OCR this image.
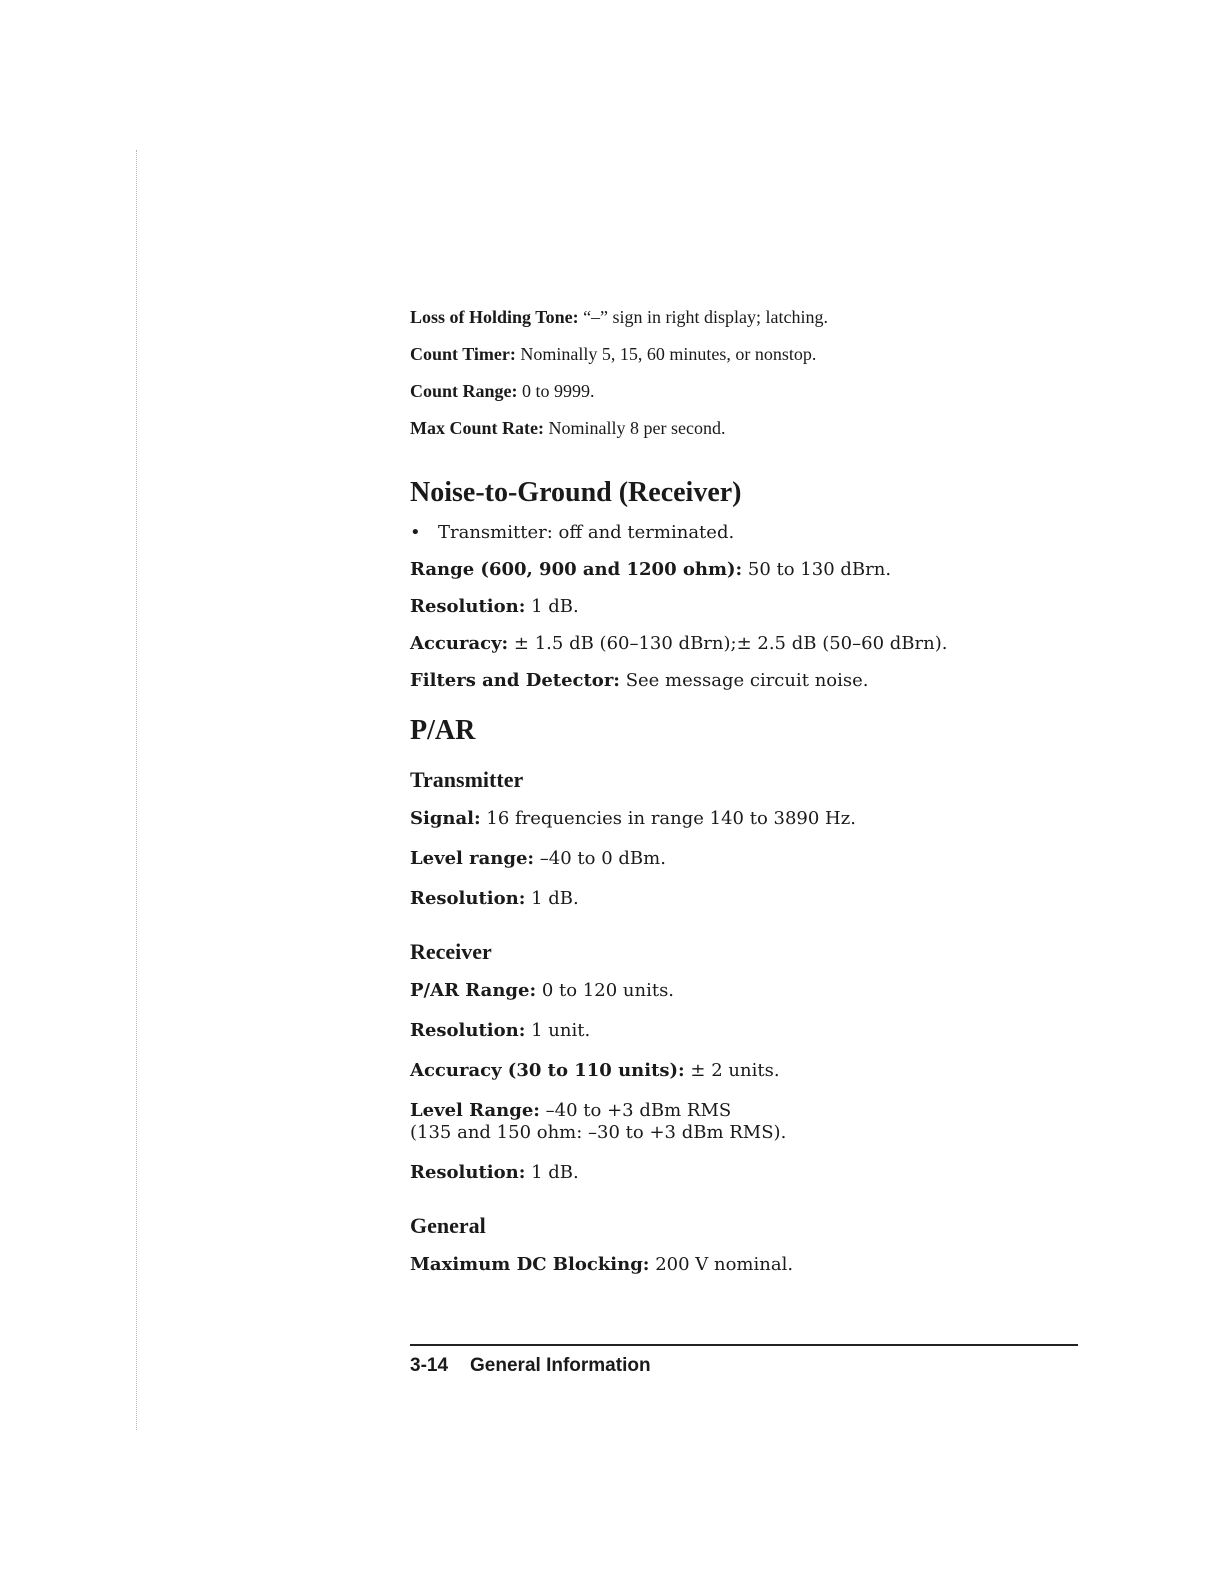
Loss of Holding Tone: “–” sign in right display; latching.

Count Timer: Nominally 5, 15, 60 minutes, or nonstop.

Count Range: 0 to 9999.

Max Count Rate: Nominally 8 per second.

Noise-to-Ground (Receiver)

• Transmitter: off and terminated.

Range (600, 900 and 1200 ohm): 50 to 130 dBrn.

Resolution: 1 dB.

Accuracy: ± 1.5 dB (60–130 dBrn);± 2.5 dB (50–60 dBrn).

Filters and Detector: See message circuit noise.

P/AR
Transmitter

Signal: 16 frequencies in range 140 to 3890 Hz.

Level range: –40 to 0 dBm.

Resolution: 1 dB.

Receiver

P/AR Range: 0 to 120 units.

Resolution: 1 unit.

Accuracy (30 to 110 units): ± 2 units.

Level Range: –40 to +3 dBm RMS
(135 and 150 ohm: –30 to +3 dBm RMS).

Resolution: 1 dB.

General

Maximum DC Blocking: 200 V nominal.

3-14 General Information
